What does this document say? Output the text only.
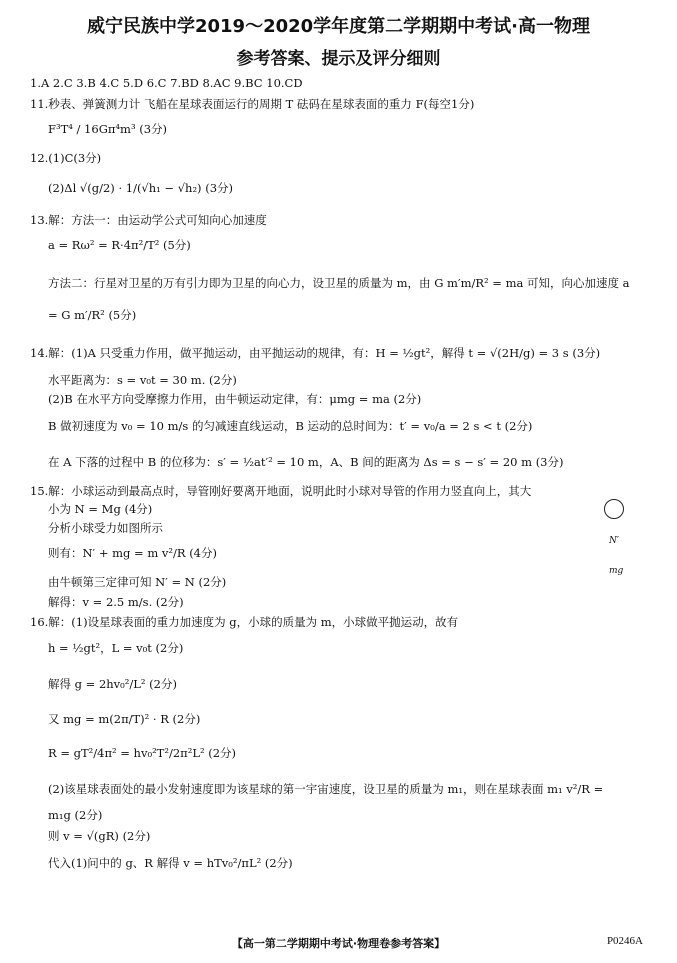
威宁民族中学2019～2020学年度第二学期期中考试·高一物理
参考答案、提示及评分细则
1.A 2.C 3.B 4.C 5.D 6.C 7.BD 8.AC 9.BC 10.CD
11.秒表、弹簧测力计 飞船在星球表面运行的周期 T 砝码在星球表面的重力 F(每空1分)
F³T⁴ / 16Gπ⁴m³ (3分)
12.(1)C(3分)
(2)Δl √(g/2) · 1/(√h₁ − √h₂) (3分)
13.解：方法一：由运动学公式可知向心加速度
a = Rω² = R·4π²/T² (5分)
方法二：行星对卫星的万有引力即为卫星的向心力，设卫星的质量为 m，由 G m′m/R² = ma 可知，向心加速度 a
= G m′/R² (5分)
14.解：(1)A 只受重力作用，做平抛运动，由平抛运动的规律，有：H = ½gt²，解得 t = √(2H/g) = 3 s (3分)
水平距离为：s = v₀t = 30 m. (2分)
(2)B 在水平方向受摩擦力作用，由牛顿运动定律，有：μmg = ma (2分)
B 做初速度为 v₀ = 10 m/s 的匀减速直线运动，B 运动的总时间为：t′ = v₀/a = 2 s < t (2分)
在 A 下落的过程中 B 的位移为：s′ = ½at′² = 10 m，A、B 间的距离为 Δs = s − s′ = 20 m (3分)
15.解：小球运动到最高点时，导管刚好要离开地面，说明此时小球对导管的作用力竖直向上，其大
小为 N = Mg (4分)
分析小球受力如图所示
则有：N′ + mg = m v²/R (4分)
由牛顿第三定律可知 N′ = N (2分)
解得：v = 2.5 m/s. (2分)
16.解：(1)设星球表面的重力加速度为 g，小球的质量为 m，小球做平抛运动，故有
h = ½gt²，L = v₀t (2分)
解得 g = 2hv₀²/L² (2分)
又 mg = m(2π/T)² · R (2分)
R = gT²/4π² = hv₀²T²/2π²L² (2分)
(2)该星球表面处的最小发射速度即为该星球的第一宇宙速度，设卫星的质量为 m₁，则在星球表面 m₁ v²/R =
m₁g (2分)
则 v = √(gR) (2分)
代入(1)问中的 g、R 解得 v = hTv₀²/πL² (2分)
N′
mg
【高一第二学期期中考试·物理卷参考答案】	P0246A
